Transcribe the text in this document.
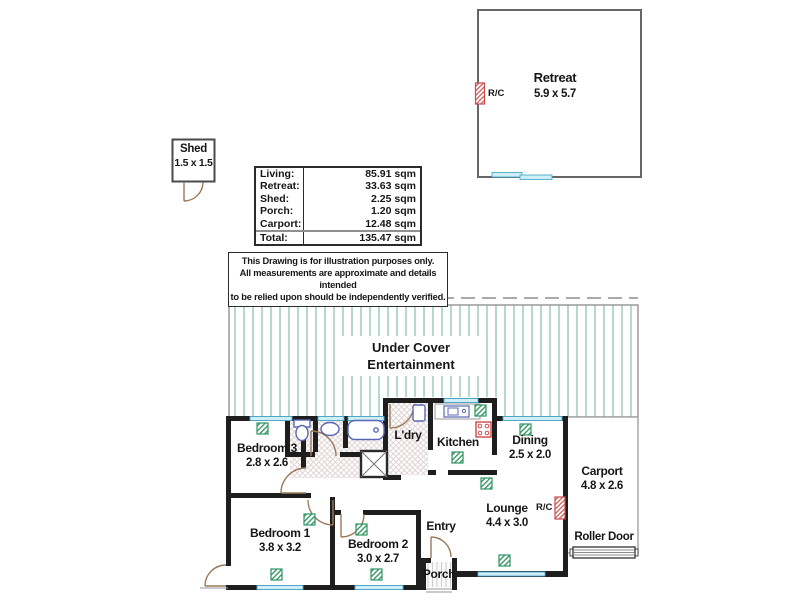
Under Cover
Entertainment
Retreat
5.9 x 5.7
R/C
Shed
1.5 x 1.5
Bedroom 3
2.8 x 2.6
Bedroom 1
3.8 x 3.2	Bedroom 2
3.0 x 2.7
L'dry	Kitchen	Dining
2.5 x 2.0
Lounge
4.4 x 3.0
Entry
Porch
Carport
4.8 x 2.6
Roller Door
R/C
Living:	85.91 sqm
Retreat:	33.63 sqm
Shed:	2.25 sqm
Porch:	1.20 sqm
Carport:	12.48 sqm
Total:	135.47 sqm
This Drawing is for illustration purposes only.
All measurements are approximate and details intended
to be relied upon should be independently verified.
